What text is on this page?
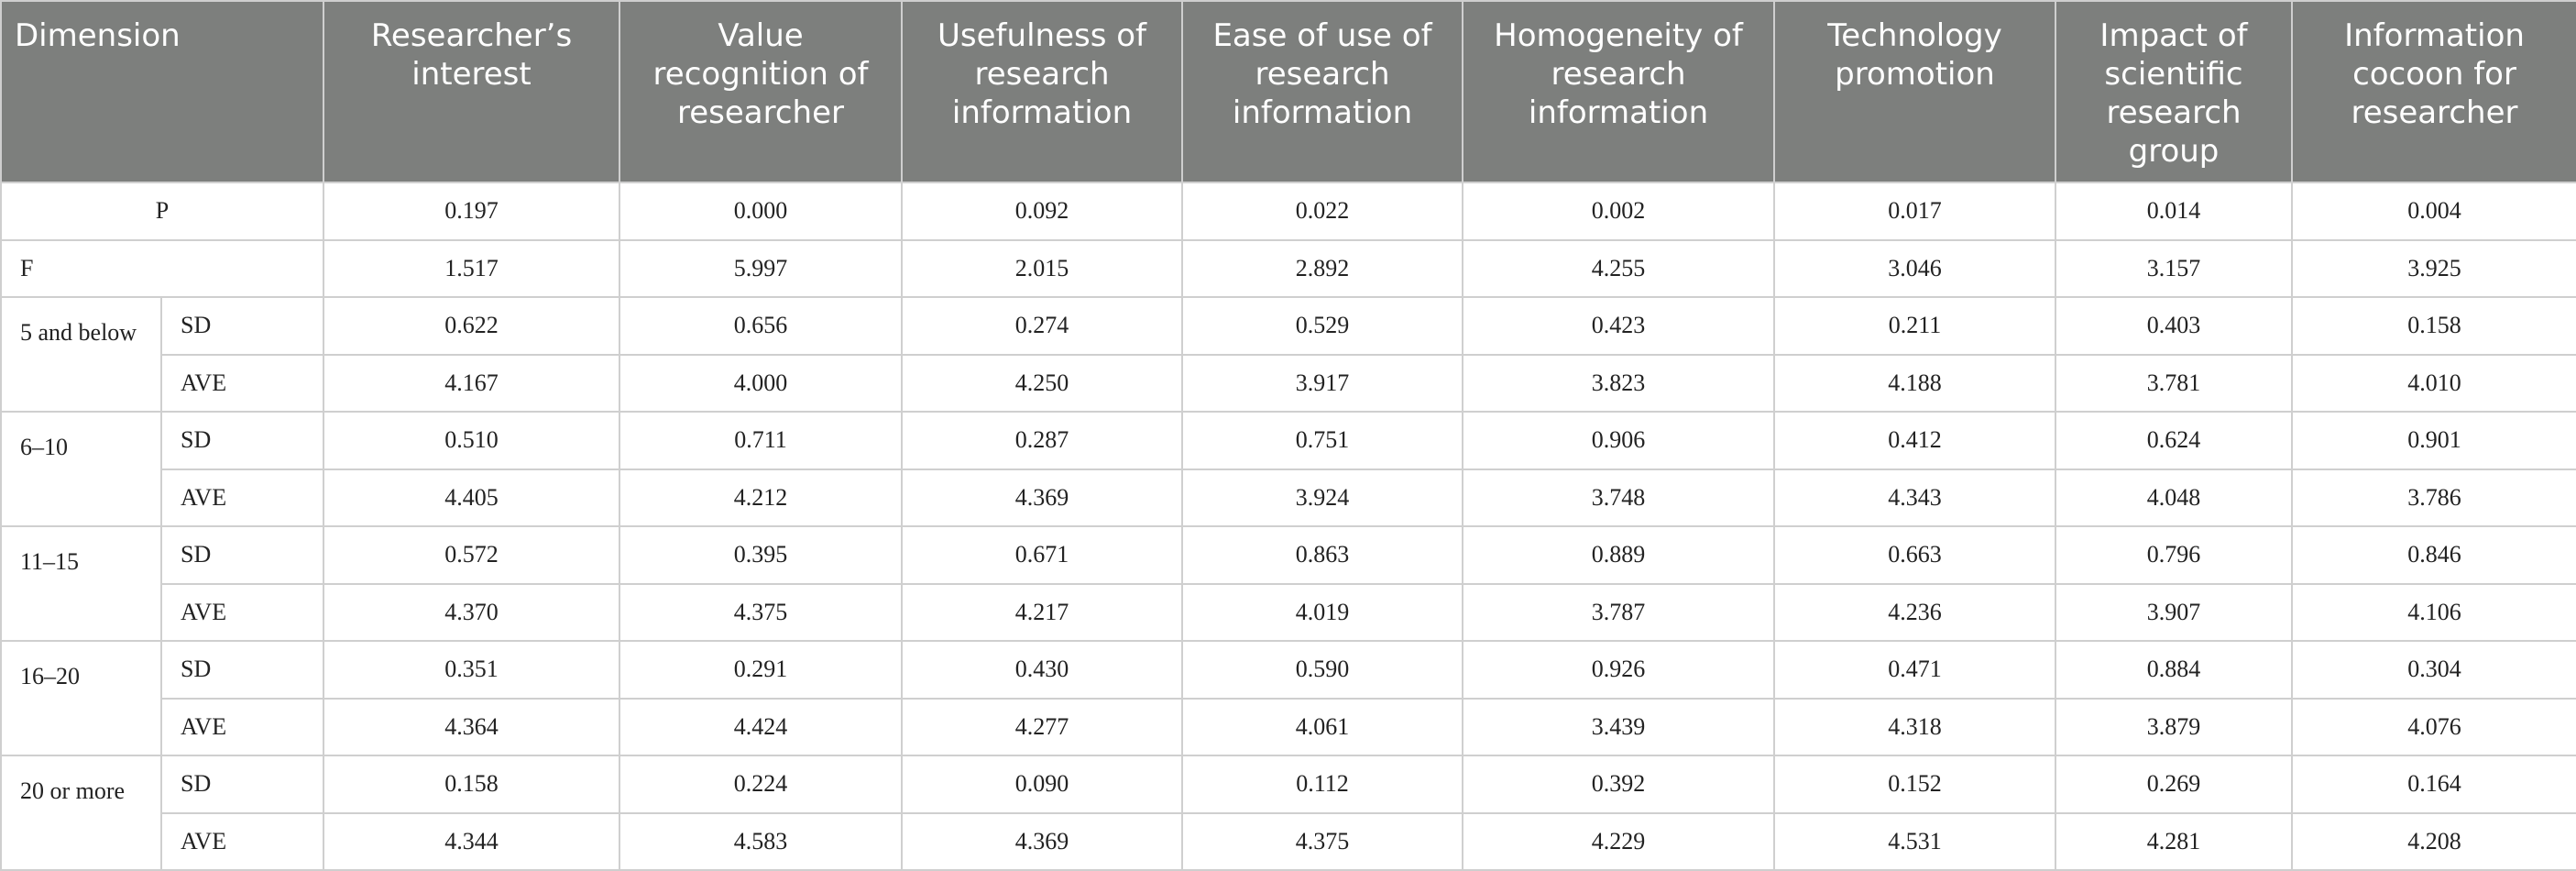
Dimension		Researcher’s interest	Value recognition of researcher	Usefulness of research information	Ease of use of research information	Homogeneity of research information	Technology promotion	Impact of scientific research group	Information cocoon for researcher
P		0.197	0.000	0.092	0.022	0.002	0.017	0.014	0.004
F		1.517	5.997	2.015	2.892	4.255	3.046	3.157	3.925
5 and below	SD	0.622	0.656	0.274	0.529	0.423	0.211	0.403	0.158
	AVE	4.167	4.000	4.250	3.917	3.823	4.188	3.781	4.010
6–10	SD	0.510	0.711	0.287	0.751	0.906	0.412	0.624	0.901
	AVE	4.405	4.212	4.369	3.924	3.748	4.343	4.048	3.786
11–15	SD	0.572	0.395	0.671	0.863	0.889	0.663	0.796	0.846
	AVE	4.370	4.375	4.217	4.019	3.787	4.236	3.907	4.106
16–20	SD	0.351	0.291	0.430	0.590	0.926	0.471	0.884	0.304
	AVE	4.364	4.424	4.277	4.061	3.439	4.318	3.879	4.076
20 or more	SD	0.158	0.224	0.090	0.112	0.392	0.152	0.269	0.164
	AVE	4.344	4.583	4.369	4.375	4.229	4.531	4.281	4.208
